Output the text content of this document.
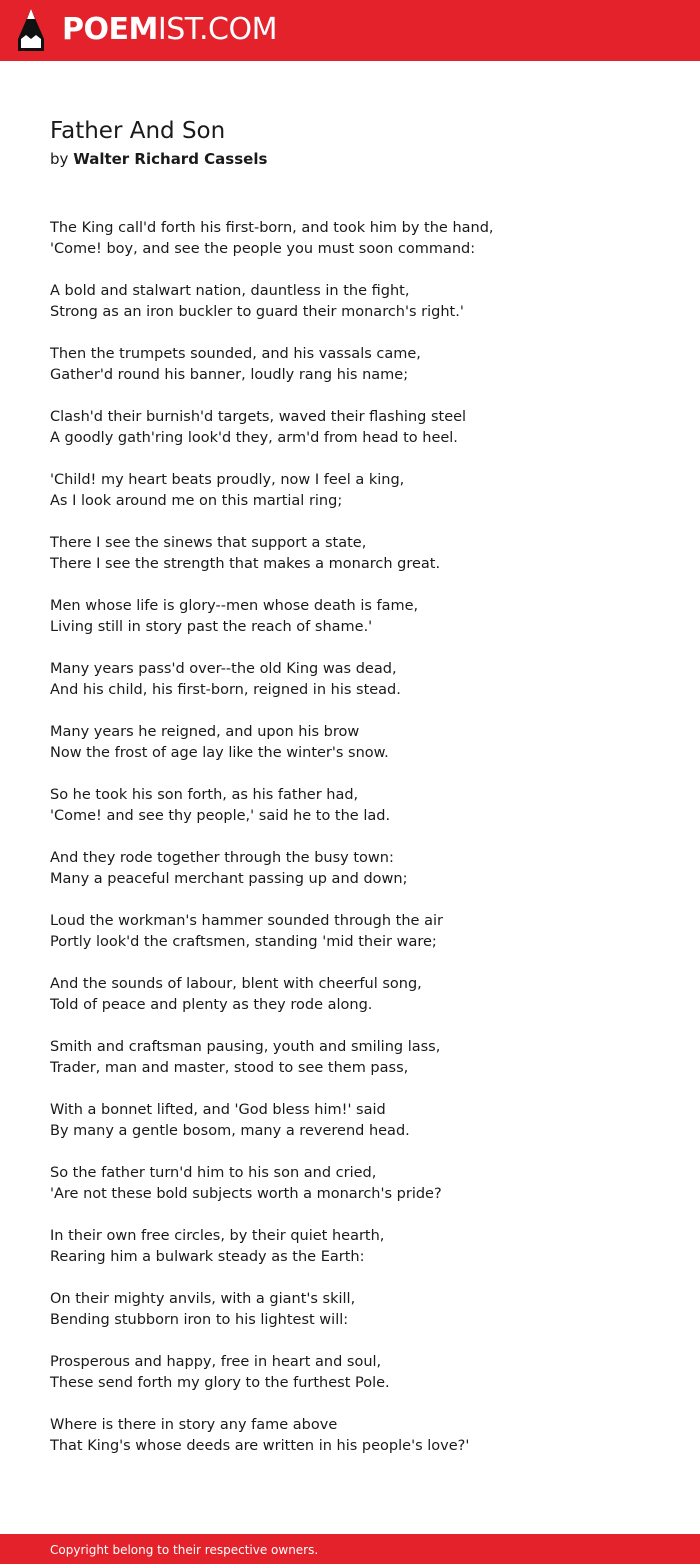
POEMIST.COM
Father And Son
by Walter Richard Cassels

The King call'd forth his first-born, and took him by the hand,
'Come! boy, and see the people you must soon command:

A bold and stalwart nation, dauntless in the fight,
Strong as an iron buckler to guard their monarch's right.'

Then the trumpets sounded, and his vassals came,
Gather'd round his banner, loudly rang his name;

Clash'd their burnish'd targets, waved their flashing steel
A goodly gath'ring look'd they, arm'd from head to heel.

'Child! my heart beats proudly, now I feel a king,
As I look around me on this martial ring;

There I see the sinews that support a state,
There I see the strength that makes a monarch great.

Men whose life is glory--men whose death is fame,
Living still in story past the reach of shame.'

Many years pass'd over--the old King was dead,
And his child, his first-born, reigned in his stead.

Many years he reigned, and upon his brow
Now the frost of age lay like the winter's snow.

So he took his son forth, as his father had,
'Come! and see thy people,' said he to the lad.

And they rode together through the busy town:
Many a peaceful merchant passing up and down;

Loud the workman's hammer sounded through the air
Portly look'd the craftsmen, standing 'mid their ware;

And the sounds of labour, blent with cheerful song,
Told of peace and plenty as they rode along.

Smith and craftsman pausing, youth and smiling lass,
Trader, man and master, stood to see them pass,

With a bonnet lifted, and 'God bless him!' said
By many a gentle bosom, many a reverend head.

So the father turn'd him to his son and cried,
'Are not these bold subjects worth a monarch's pride?

In their own free circles, by their quiet hearth,
Rearing him a bulwark steady as the Earth:

On their mighty anvils, with a giant's skill,
Bending stubborn iron to his lightest will:

Prosperous and happy, free in heart and soul,
These send forth my glory to the furthest Pole.

Where is there in story any fame above
That King's whose deeds are written in his people's love?'

Copyright belong to their respective owners.
